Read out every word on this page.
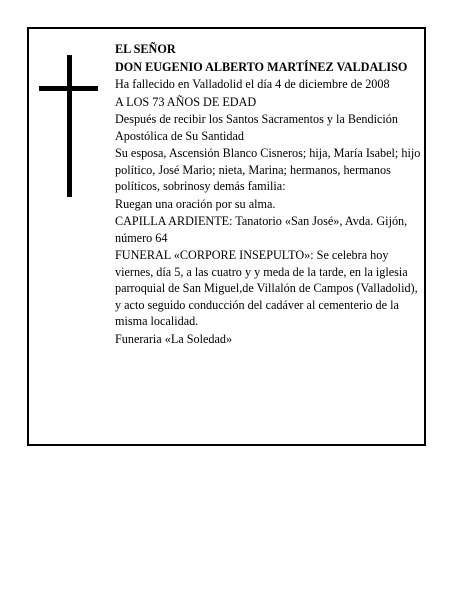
EL SEÑOR

DON EUGENIO ALBERTO MARTÍNEZ VALDALISO

Ha fallecido en Valladolid el día 4 de diciembre de 2008

A LOS 73 AÑOS DE EDAD

Después de recibir los Santos Sacramentos y la Bendición Apostólica de Su Santidad

Su esposa, Ascensión Blanco Cisneros; hija, María Isabel; hijo político, José Mario; nieta, Marina; hermanos, hermanos políticos, sobrinosy demás familia:

Ruegan una oración por su alma.

CAPILLA ARDIENTE: Tanatorio «San José», Avda. Gijón, número 64

FUNERAL «CORPORE INSEPULTO»: Se celebra hoy viernes, día 5, a las cuatro y y meda de la tarde, en la iglesia parroquial de San Miguel,de Villalón de Campos (Valladolid), y acto seguido conducción del cadáver al cementerio de la misma localidad.

Funeraria «La Soledad»
